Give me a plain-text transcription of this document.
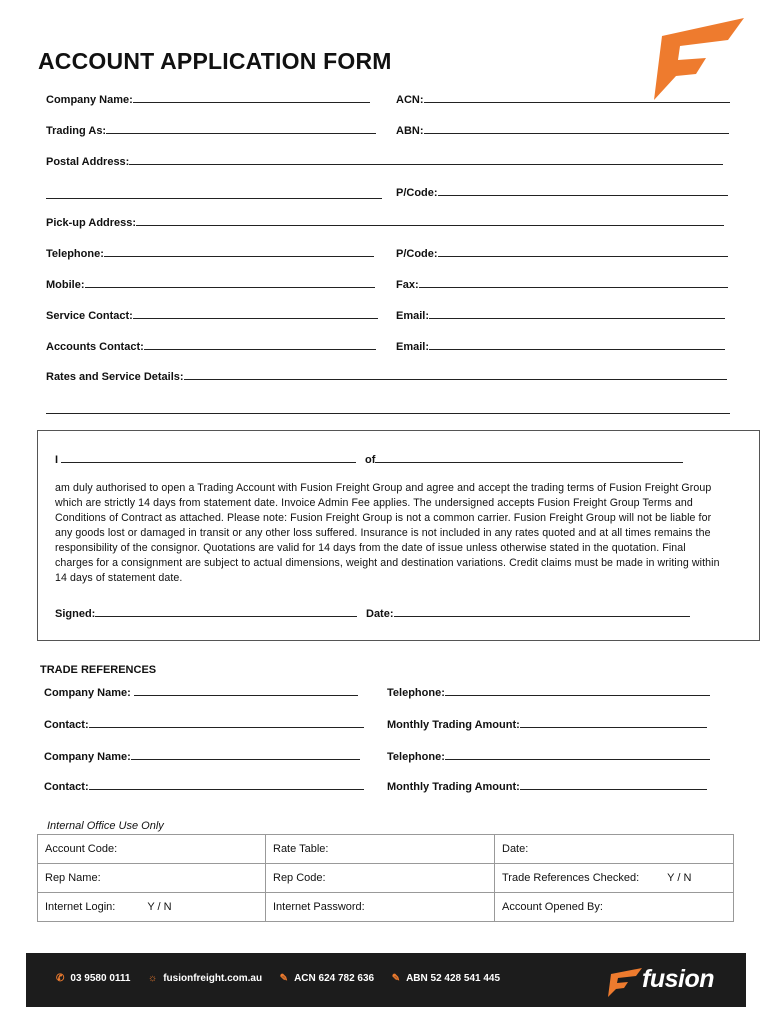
ACCOUNT APPLICATION FORM
Company Name:	ACN:
Trading As:	ABN:
Postal Address:
P/Code:
Pick-up Address:
Telephone:	P/Code:
Mobile:	Fax:
Service Contact:	Email:
Accounts Contact:	Email:
Rates and Service Details:
I	of
am duly authorised to open a Trading Account with Fusion Freight Group and agree and accept the trading terms of Fusion Freight Group which are strictly 14 days from statement date. Invoice Admin Fee applies. The undersigned accepts Fusion Freight Group Terms and Conditions of Contract as attached. Please note: Fusion Freight Group is not a common carrier. Fusion Freight Group will not be liable for any goods lost or damaged in transit or any other loss suffered. Insurance is not included in any rates quoted and at all times remains the responsibility of the consignor. Quotations are valid for 14 days from the date of issue unless otherwise stated in the quotation. Final charges for a consignment are subject to actual dimensions, weight and destination variations. Credit claims must be made in writing within 14 days of statement date.
Signed:	Date:
TRADE REFERENCES
Company Name:	Telephone:
Contact:	Monthly Trading Amount:
Company Name:	Telephone:
Contact:	Monthly Trading Amount:
Internal Office Use Only
Account Code:	Rate Table:	Date:
Rep Name:	Rep Code:	Trade References Checked: Y / N
Internet Login: Y / N	Internet Password:	Account Opened By:
✆ 03 9580 0111 ☼ fusionfreight.com.au ✎ ACN 624 782 636 ✎ ABN 52 428 541 445	fusion
